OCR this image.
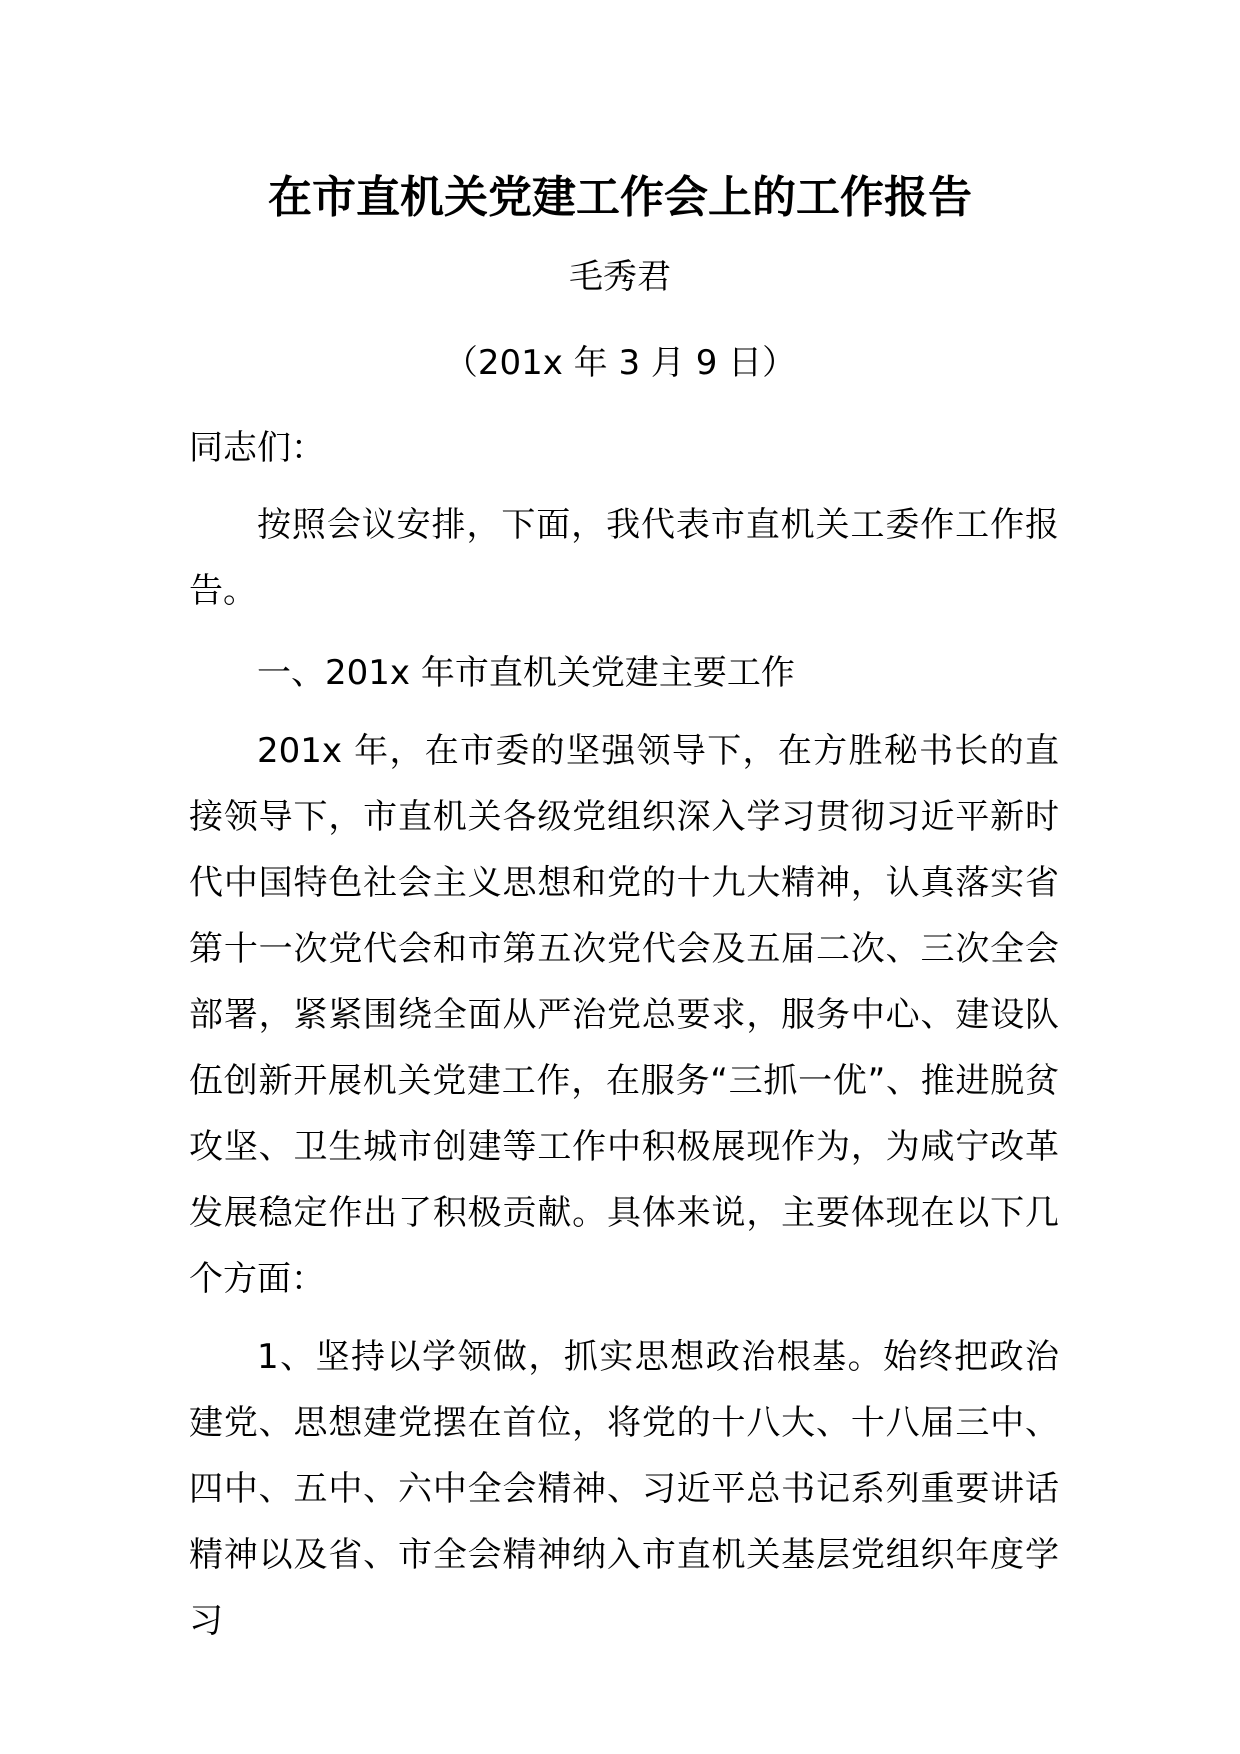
在市直机关党建工作会上的工作报告

毛秀君

（201x 年 3 月 9 日）

同志们：

按照会议安排，下面，我代表市直机关工委作工作报告。

一、201x 年市直机关党建主要工作

201x 年，在市委的坚强领导下，在方胜秘书长的直接领导下，市直机关各级党组织深入学习贯彻习近平新时代中国特色社会主义思想和党的十九大精神，认真落实省第十一次党代会和市第五次党代会及五届二次、三次全会部署，紧紧围绕全面从严治党总要求，服务中心、建设队伍创新开展机关党建工作，在服务“三抓一优”、推进脱贫攻坚、卫生城市创建等工作中积极展现作为，为咸宁改革发展稳定作出了积极贡献。具体来说，主要体现在以下几个方面：

1、坚持以学领做，抓实思想政治根基。始终把政治建党、思想建党摆在首位，将党的十八大、十八届三中、四中、五中、六中全会精神、习近平总书记系列重要讲话精神以及省、市全会精神纳入市直机关基层党组织年度学习
